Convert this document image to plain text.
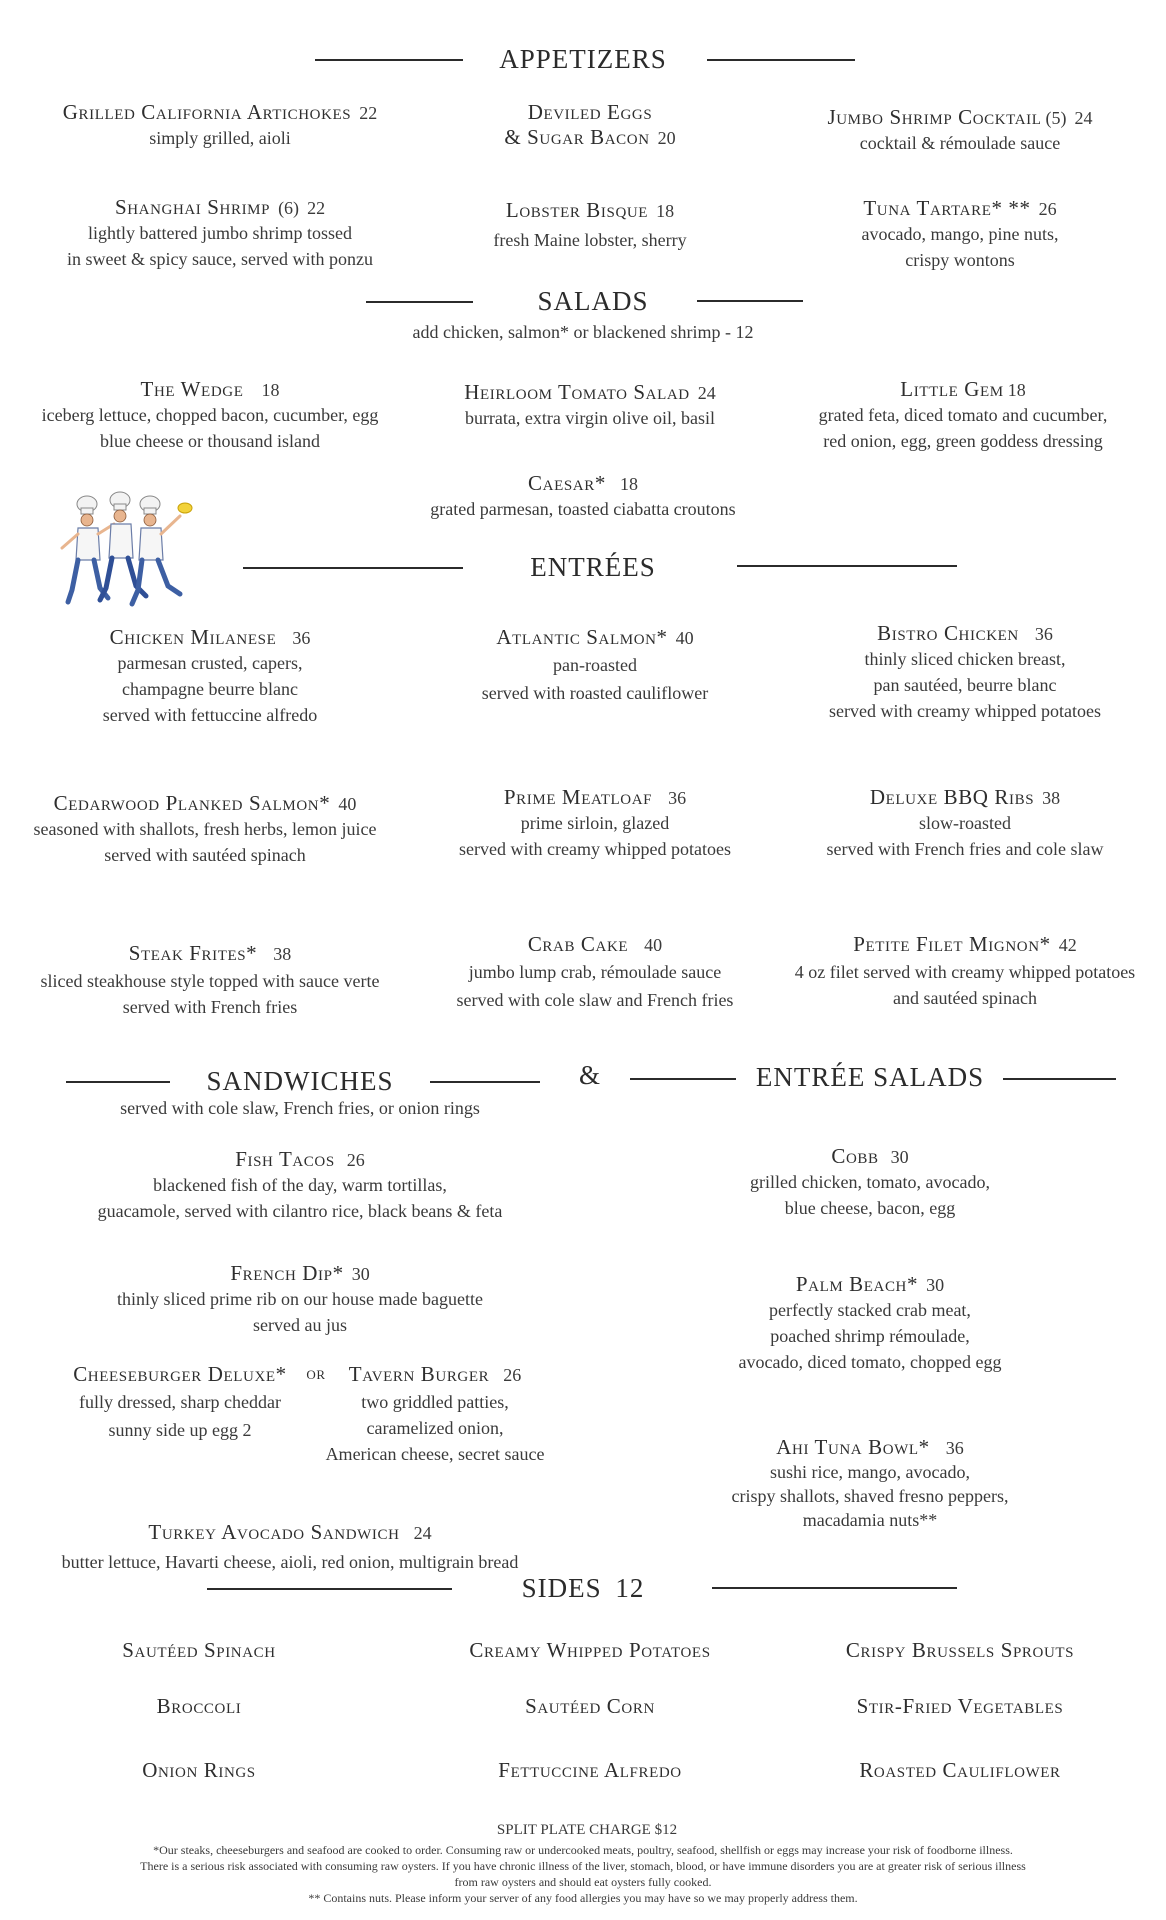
APPETIZERS
Grilled California Artichokes 22
simply grilled, aioli
Deviled Eggs
& Sugar Bacon 20
Jumbo Shrimp Cocktail (5) 24
cocktail & rémoulade sauce
Shanghai Shrimp (6) 22
lightly battered jumbo shrimp tossed
in sweet & spicy sauce, served with ponzu
Lobster Bisque 18
fresh Maine lobster, sherry
Tuna Tartare* ** 26
avocado, mango, pine nuts,
crispy wontons
SALADS
add chicken, salmon* or blackened shrimp - 12
The Wedge 18
iceberg lettuce, chopped bacon, cucumber, egg
blue cheese or thousand island
Heirloom Tomato Salad 24
burrata, extra virgin olive oil, basil
Little Gem 18
grated feta, diced tomato and cucumber,
red onion, egg, green goddess dressing
Caesar* 18
grated parmesan, toasted ciabatta croutons
ENTRÉES
Chicken Milanese 36
parmesan crusted, capers,
champagne beurre blanc
served with fettuccine alfredo
Atlantic Salmon* 40
pan-roasted
served with roasted cauliflower
Bistro Chicken 36
thinly sliced chicken breast,
pan sautéed, beurre blanc
served with creamy whipped potatoes
Cedarwood Planked Salmon* 40
seasoned with shallots, fresh herbs, lemon juice
served with sautéed spinach
Prime Meatloaf 36
prime sirloin, glazed
served with creamy whipped potatoes
Deluxe BBQ Ribs 38
slow-roasted
served with French fries and cole slaw
Steak Frites* 38
sliced steakhouse style topped with sauce verte
served with French fries
Crab Cake 40
jumbo lump crab, rémoulade sauce
served with cole slaw and French fries
Petite Filet Mignon* 42
4 oz filet served with creamy whipped potatoes
and sautéed spinach
SANDWICHES	&	ENTRÉE SALADS
served with cole slaw, French fries, or onion rings
Fish Tacos 26
blackened fish of the day, warm tortillas,
guacamole, served with cilantro rice, black beans & feta
French Dip* 30
thinly sliced prime rib on our house made baguette
served au jus
Cheeseburger Deluxe*
fully dressed, sharp cheddar
sunny side up egg 2
or	Tavern Burger 26
two griddled patties,
caramelized onion,
American cheese, secret sauce
Turkey Avocado Sandwich 24
butter lettuce, Havarti cheese, aioli, red onion, multigrain bread
Cobb 30
grilled chicken, tomato, avocado,
blue cheese, bacon, egg
Palm Beach* 30
perfectly stacked crab meat,
poached shrimp rémoulade,
avocado, diced tomato, chopped egg
Ahi Tuna Bowl* 36
sushi rice, mango, avocado,
crispy shallots, shaved fresno peppers,
macadamia nuts**
SIDES 12
Sautéed Spinach	Creamy Whipped Potatoes	Crispy Brussels Sprouts
Broccoli	Sautéed Corn	Stir-Fried Vegetables
Onion Rings	Fettuccine Alfredo	Roasted Cauliflower
SPLIT PLATE CHARGE $12
*Our steaks, cheeseburgers and seafood are cooked to order. Consuming raw or undercooked meats, poultry, seafood, shellfish or eggs may increase your risk of foodborne illness.
There is a serious risk associated with consuming raw oysters. If you have chronic illness of the liver, stomach, blood, or have immune disorders you are at greater risk of serious illness
from raw oysters and should eat oysters fully cooked.
** Contains nuts. Please inform your server of any food allergies you may have so we may properly address them.
